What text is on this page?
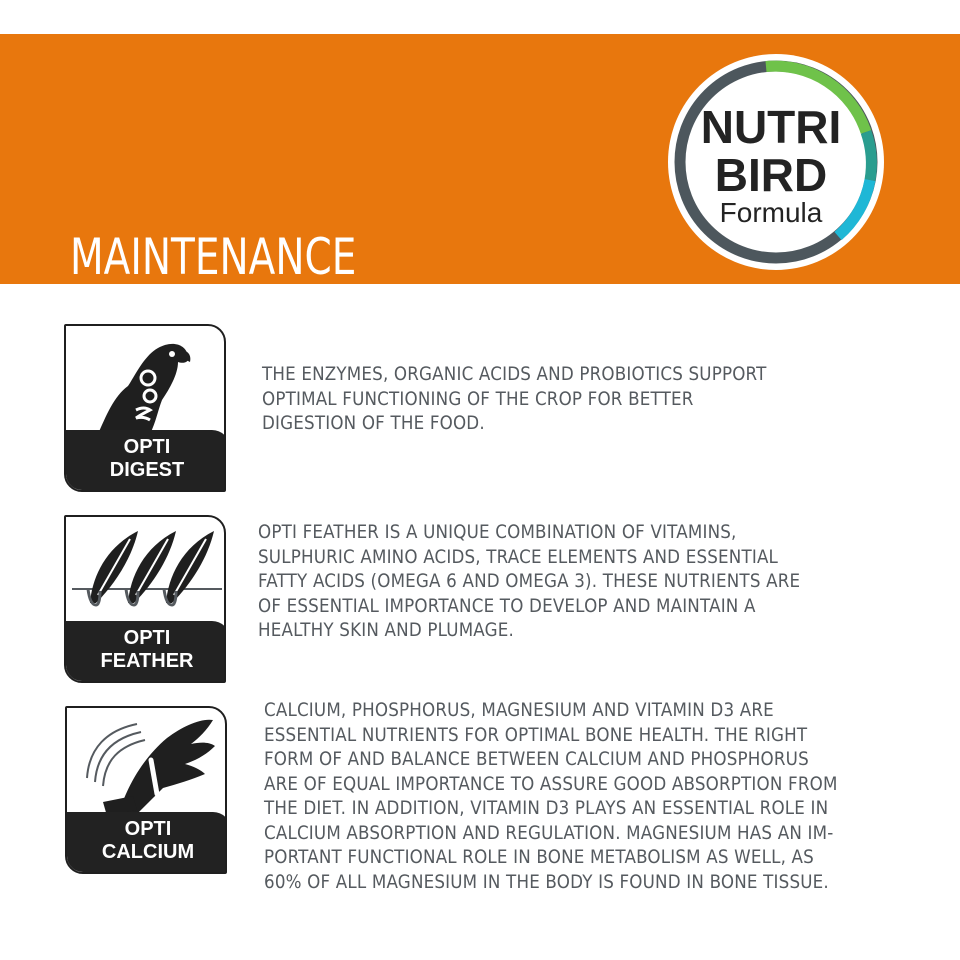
MAINTENANCE
NUTRI
BIRD
Formula
OPTI
DIGEST

THE ENZYMES, ORGANIC ACIDS AND PROBIOTICS SUPPORT
OPTIMAL FUNCTIONING OF THE CROP FOR BETTER
DIGESTION OF THE FOOD.

OPTI
FEATHER

OPTI FEATHER IS A UNIQUE COMBINATION OF VITAMINS,
SULPHURIC AMINO ACIDS, TRACE ELEMENTS AND ESSENTIAL
FATTY ACIDS (OMEGA 6 AND OMEGA 3). THESE NUTRIENTS ARE
OF ESSENTIAL IMPORTANCE TO DEVELOP AND MAINTAIN A
HEALTHY SKIN AND PLUMAGE.

OPTI
CALCIUM

CALCIUM, PHOSPHORUS, MAGNESIUM AND VITAMIN D3 ARE
ESSENTIAL NUTRIENTS FOR OPTIMAL BONE HEALTH. THE RIGHT
FORM OF AND BALANCE BETWEEN CALCIUM AND PHOSPHORUS
ARE OF EQUAL IMPORTANCE TO ASSURE GOOD ABSORPTION FROM
THE DIET. IN ADDITION, VITAMIN D3 PLAYS AN ESSENTIAL ROLE IN
CALCIUM ABSORPTION AND REGULATION. MAGNESIUM HAS AN IM-
PORTANT FUNCTIONAL ROLE IN BONE METABOLISM AS WELL, AS
60% OF ALL MAGNESIUM IN THE BODY IS FOUND IN BONE TISSUE.
